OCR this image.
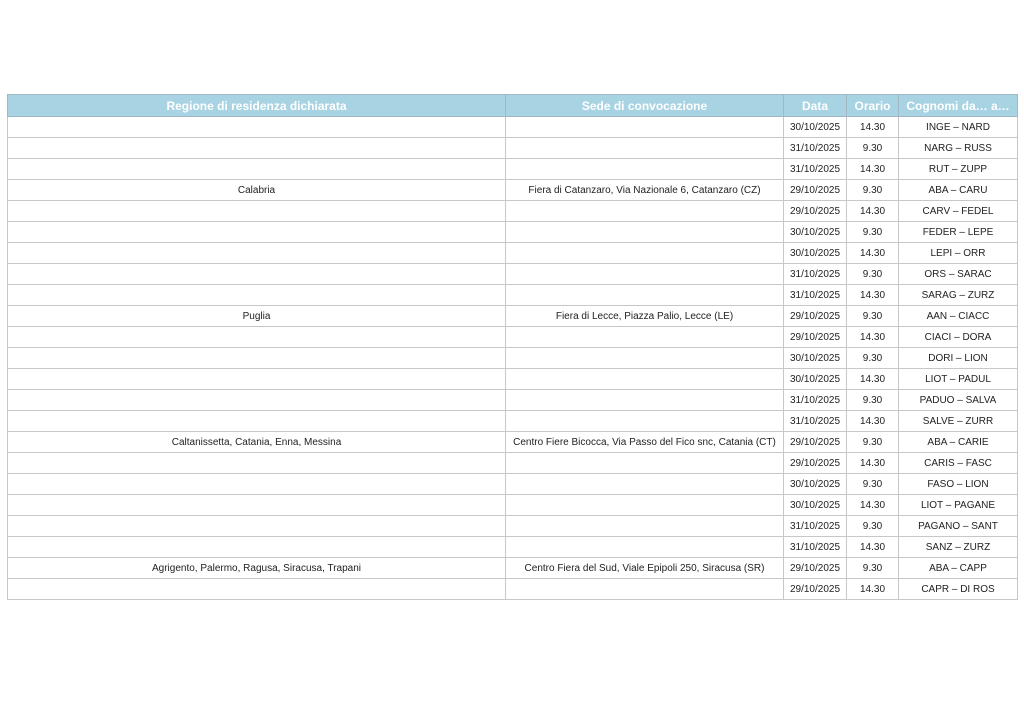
Regione di residenza dichiarata	Sede di convocazione	Data	Orario	Cognomi da… a…
		30/10/2025	14.30	INGE – NARD
		31/10/2025	9.30	NARG – RUSS
		31/10/2025	14.30	RUT – ZUPP
Calabria	Fiera di Catanzaro, Via Nazionale 6, Catanzaro (CZ)	29/10/2025	9.30	ABA – CARU
		29/10/2025	14.30	CARV – FEDEL
		30/10/2025	9.30	FEDER – LEPE
		30/10/2025	14.30	LEPI – ORR
		31/10/2025	9.30	ORS – SARAC
		31/10/2025	14.30	SARAG – ZURZ
Puglia	Fiera di Lecce, Piazza Palio, Lecce (LE)	29/10/2025	9.30	AAN – CIACC
		29/10/2025	14.30	CIACI – DORA
		30/10/2025	9.30	DORI – LION
		30/10/2025	14.30	LIOT – PADUL
		31/10/2025	9.30	PADUO – SALVA
		31/10/2025	14.30	SALVE – ZURR
Caltanissetta, Catania, Enna, Messina	Centro Fiere Bicocca, Via Passo del Fico snc, Catania (CT)	29/10/2025	9.30	ABA – CARIE
		29/10/2025	14.30	CARIS – FASC
		30/10/2025	9.30	FASO – LION
		30/10/2025	14.30	LIOT – PAGANE
		31/10/2025	9.30	PAGANO – SANT
		31/10/2025	14.30	SANZ – ZURZ
Agrigento, Palermo, Ragusa, Siracusa, Trapani	Centro Fiera del Sud, Viale Epipoli 250, Siracusa (SR)	29/10/2025	9.30	ABA – CAPP
		29/10/2025	14.30	CAPR – DI ROS
